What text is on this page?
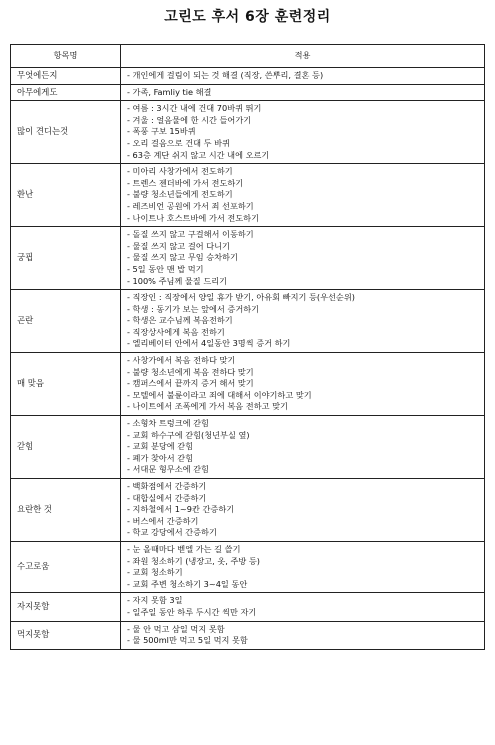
고린도 후서 6장 훈련정리
항목명	적용
무엇에든지	- 개인에게 걸림이 되는 것 해결 (직장, 쓴뿌리, 결혼 등)

아무에게도	- 가족, Famliy tie 해결

많이 견디는것	- 여름 : 3시간 내에 건대 70바퀴 뛰기
- 겨울 : 얼음물에 한 시간 들어가기
- 폭풍 구보 15바퀴
- 오리 걸음으로 건대 두 바퀴
- 63층 계단 쉬지 않고 시간 내에 오르기

환난	- 미아리 사창가에서 전도하기
- 트렌스 젠더바에 가서 전도하기
- 불량 청소년들에게 전도하기
- 레즈비언 공원에 가서 죄 선포하기
- 나이트나 호스트바에 가서 전도하기

궁핍	- 돌질 쓰지 않고 구걸해서 이동하기
- 물질 쓰지 않고 걸어 다니기
- 물질 쓰지 않고 무임 승차하기
- 5일 동안 맨 밥 먹기
- 100% 주님께 물질 드리기

곤란	- 직장인 : 직장에서 양일 휴가 받기, 아유회 빠지기 등(우선순위)
- 학생 : 동기가 보는 앞에서 증거하기
- 학생은 교수님께 복음전하기
- 직장상사에게 복음 전하기
- 엘리베이터 안에서 4일동안 3명씩 증거 하기

매 맞음	- 사창가에서 복음 전하다 맞기
- 불량 청소년에게 복음 전하다 맞기
- 캠퍼스에서 끝까지 증거 해서 맞기
- 모텔에서 불륜이라고 죄에 대해서 이야기하고 맞기
- 나이트에서 조폭에게 가서 복음 전하고 맞기

갇힘	- 소형차 트렁크에 갇힘
- 교회 하수구에 갇힘(청년부실 옆)
- 교회 분당에 갇힘
- 폐가 찾아서 갇힘
- 서대문 형무소에 갇힘

요란한 것	- 백화점에서 간증하기
- 대합실에서 간증하기
- 지하철에서 1~9칸 간증하기
- 버스에서 간증하기
- 학교 강당에서 간증하기

수고로움	- 눈 올때마다 벧엘 가는 길 쓸기
- 좌원 청소하기 (냉장고, 옷, 주방 등)
- 교회 청소하기
- 교회 주변 청소하기 3~4일 동안

자지못함	- 자지 못함 3일
- 일주일 동안 하루 두시간 씩만 자기

먹지못함	- 물 안 먹고 삼일 먹지 못함
- 물 500ml만 먹고 5일 먹지 못함
